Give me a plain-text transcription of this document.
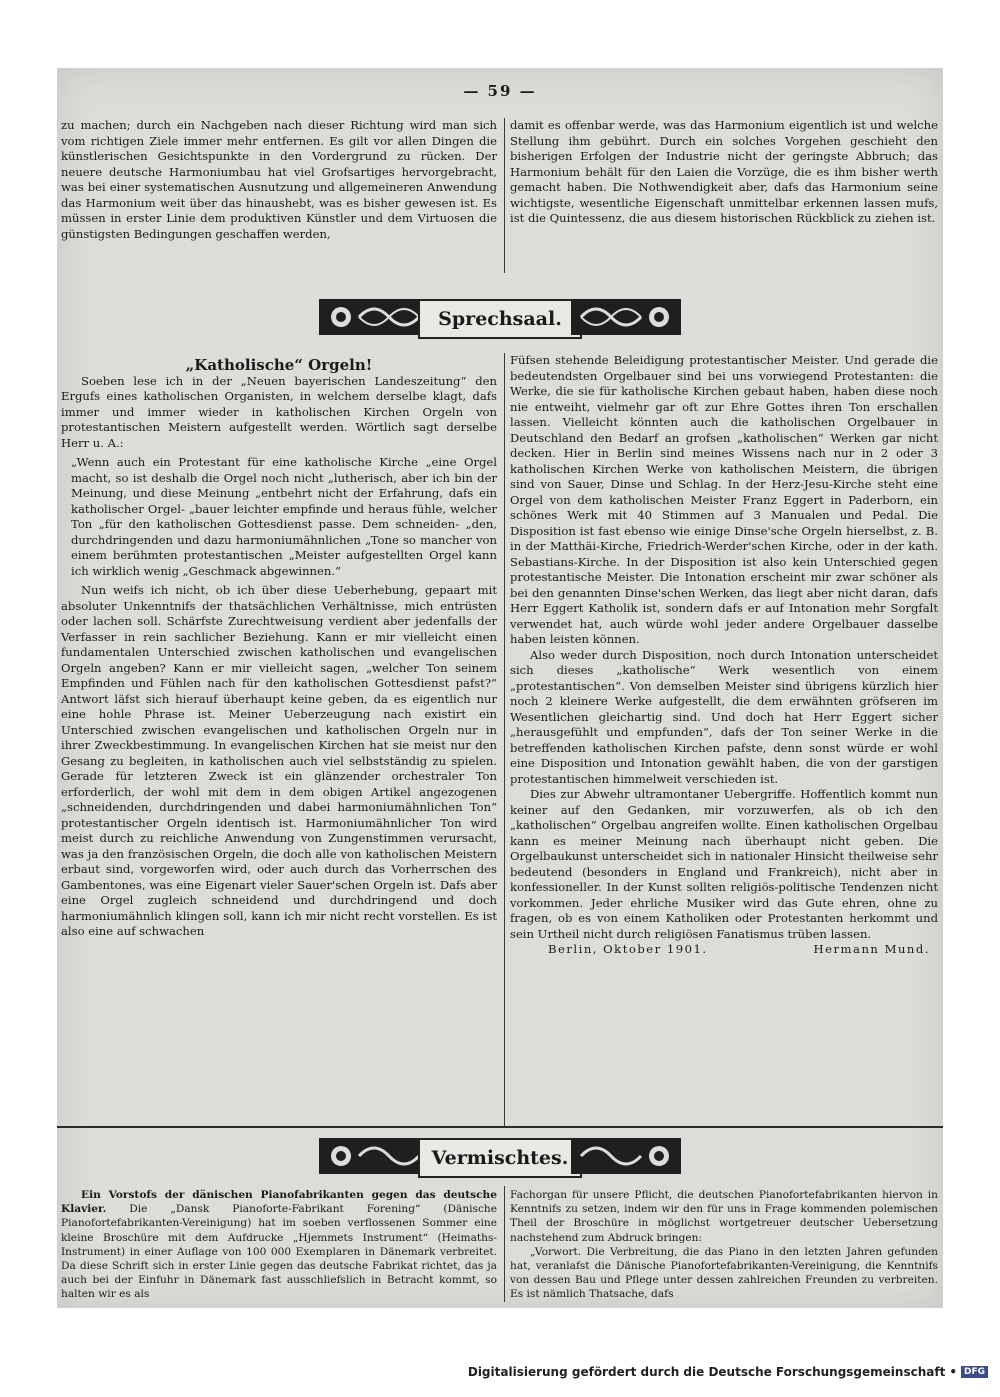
— 59 —

zu machen; durch ein Nachgeben nach dieser Richtung wird man sich vom richtigen Ziele immer mehr entfernen. Es gilt vor allen Dingen die künstlerischen Gesichtspunkte in den Vordergrund zu rücken. Der neuere deutsche Harmoniumbau hat viel Grofsartiges hervorgebracht, was bei einer systematischen Ausnutzung und allgemeineren Anwendung das Harmonium weit über das hinaushebt, was es bisher gewesen ist. Es müssen in erster Linie dem produktiven Künstler und dem Virtuosen die günstigsten Bedingungen geschaffen werden,

damit es offenbar werde, was das Harmonium eigentlich ist und welche Stellung ihm gebührt. Durch ein solches Vorgehen geschieht den bisherigen Erfolgen der Industrie nicht der geringste Abbruch; das Harmonium behält für den Laien die Vorzüge, die es ihm bisher werth gemacht haben. Die Nothwendigkeit aber, dafs das Harmonium seine wichtigste, wesentliche Eigenschaft unmittelbar erkennen lassen mufs, ist die Quintessenz, die aus diesem historischen Rückblick zu ziehen ist.

Sprechsaal.

„Katholische“ Orgeln!

Soeben lese ich in der „Neuen bayerischen Landeszeitung“ den Ergufs eines katholischen Organisten, in welchem derselbe klagt, dafs immer und immer wieder in katholischen Kirchen Orgeln von protestantischen Meistern aufgestellt werden. Wörtlich sagt derselbe Herr u. A.:

„Wenn auch ein Protestant für eine katholische Kirche „eine Orgel macht, so ist deshalb die Orgel noch nicht „lutherisch, aber ich bin der Meinung, und diese Meinung „entbehrt nicht der Erfahrung, dafs ein katholischer Orgel- „bauer leichter empfinde und heraus fühle, welcher Ton „für den katholischen Gottesdienst passe. Dem schneiden- „den, durchdringenden und dazu harmoniumähnlichen „Tone so mancher von einem berühmten protestantischen „Meister aufgestellten Orgel kann ich wirklich wenig „Geschmack abgewinnen.“

Nun weifs ich nicht, ob ich über diese Ueberhebung, gepaart mit absoluter Unkenntnifs der thatsächlichen Verhältnisse, mich entrüsten oder lachen soll. Schärfste Zurechtweisung verdient aber jedenfalls der Verfasser in rein sachlicher Beziehung. Kann er mir vielleicht einen fundamentalen Unterschied zwischen katholischen und evangelischen Orgeln angeben? Kann er mir vielleicht sagen, „welcher Ton seinem Empfinden und Fühlen nach für den katholischen Gottesdienst pafst?“ Antwort läfst sich hierauf überhaupt keine geben, da es eigentlich nur eine hohle Phrase ist. Meiner Ueberzeugung nach existirt ein Unterschied zwischen evangelischen und katholischen Orgeln nur in ihrer Zweckbestimmung. In evangelischen Kirchen hat sie meist nur den Gesang zu begleiten, in katholischen auch viel selbstständig zu spielen. Gerade für letzteren Zweck ist ein glänzender orchestraler Ton erforderlich, der wohl mit dem in dem obigen Artikel angezogenen „schneidenden, durchdringenden und dabei harmoniumähnlichen Ton“ protestantischer Orgeln identisch ist. Harmoniumähnlicher Ton wird meist durch zu reichliche Anwendung von Zungenstimmen verursacht, was ja den französischen Orgeln, die doch alle von katholischen Meistern erbaut sind, vorgeworfen wird, oder auch durch das Vorherrschen des Gambentones, was eine Eigenart vieler Sauer'schen Orgeln ist. Dafs aber eine Orgel zugleich schneidend und durchdringend und doch harmoniumähnlich klingen soll, kann ich mir nicht recht vorstellen. Es ist also eine auf schwachen

Füfsen stehende Beleidigung protestantischer Meister. Und gerade die bedeutendsten Orgelbauer sind bei uns vorwiegend Protestanten: die Werke, die sie für katholische Kirchen gebaut haben, haben diese noch nie entweiht, vielmehr gar oft zur Ehre Gottes ihren Ton erschallen lassen. Vielleicht könnten auch die katholischen Orgelbauer in Deutschland den Bedarf an grofsen „katholischen“ Werken gar nicht decken. Hier in Berlin sind meines Wissens nach nur in 2 oder 3 katholischen Kirchen Werke von katholischen Meistern, die übrigen sind von Sauer, Dinse und Schlag. In der Herz-Jesu-Kirche steht eine Orgel von dem katholischen Meister Franz Eggert in Paderborn, ein schönes Werk mit 40 Stimmen auf 3 Manualen und Pedal. Die Disposition ist fast ebenso wie einige Dinse'sche Orgeln hierselbst, z. B. in der Matthäi-Kirche, Friedrich-Werder'schen Kirche, oder in der kath. Sebastians-Kirche. In der Disposition ist also kein Unterschied gegen protestantische Meister. Die Intonation erscheint mir zwar schöner als bei den genannten Dinse'schen Werken, das liegt aber nicht daran, dafs Herr Eggert Katholik ist, sondern dafs er auf Intonation mehr Sorgfalt verwendet hat, auch würde wohl jeder andere Orgelbauer dasselbe haben leisten können.

Also weder durch Disposition, noch durch Intonation unterscheidet sich dieses „katholische“ Werk wesentlich von einem „protestantischen“. Von demselben Meister sind übrigens kürzlich hier noch 2 kleinere Werke aufgestellt, die dem erwähnten gröfseren im Wesentlichen gleichartig sind. Und doch hat Herr Eggert sicher „herausgefühlt und empfunden“, dafs der Ton seiner Werke in die betreffenden katholischen Kirchen pafste, denn sonst würde er wohl eine Disposition und Intonation gewählt haben, die von der garstigen protestantischen himmelweit verschieden ist.

Dies zur Abwehr ultramontaner Uebergriffe. Hoffentlich kommt nun keiner auf den Gedanken, mir vorzuwerfen, als ob ich den „katholischen“ Orgelbau angreifen wollte. Einen katholischen Orgelbau kann es meiner Meinung nach überhaupt nicht geben. Die Orgelbaukunst unterscheidet sich in nationaler Hinsicht theilweise sehr bedeutend (besonders in England und Frankreich), nicht aber in konfessioneller. In der Kunst sollten religiös-politische Tendenzen nicht vorkommen. Jeder ehrliche Musiker wird das Gute ehren, ohne zu fragen, ob es von einem Katholiken oder Protestanten herkommt und sein Urtheil nicht durch religiösen Fanatismus trüben lassen.

Berlin, Oktober 1901.	Hermann Mund.

Vermischtes.

Ein Vorstofs der dänischen Pianofabrikanten gegen das deutsche Klavier. Die „Dansk Pianoforte-Fabrikant Forening“ (Dänische Pianofortefabrikanten-Vereinigung) hat im soeben verflossenen Sommer eine kleine Broschüre mit dem Aufdrucke „Hjemmets Instrument“ (Heimaths-Instrument) in einer Auflage von 100 000 Exemplaren in Dänemark verbreitet. Da diese Schrift sich in erster Linie gegen das deutsche Fabrikat richtet, das ja auch bei der Einfuhr in Dänemark fast ausschliefslich in Betracht kommt, so halten wir es als

Fachorgan für unsere Pflicht, die deutschen Pianofortefabrikanten hiervon in Kenntnifs zu setzen, indem wir den für uns in Frage kommenden polemischen Theil der Broschüre in möglichst wortgetreuer deutscher Uebersetzung nachstehend zum Abdruck bringen:

„Vorwort. Die Verbreitung, die das Piano in den letzten Jahren gefunden hat, veranlafst die Dänische Pianofortefabrikanten-Vereinigung, die Kenntnifs von dessen Bau und Pflege unter dessen zahlreichen Freunden zu verbreiten. Es ist nämlich Thatsache, dafs

Digitalisierung gefördert durch die Deutsche Forschungsgemeinschaft • DFG
